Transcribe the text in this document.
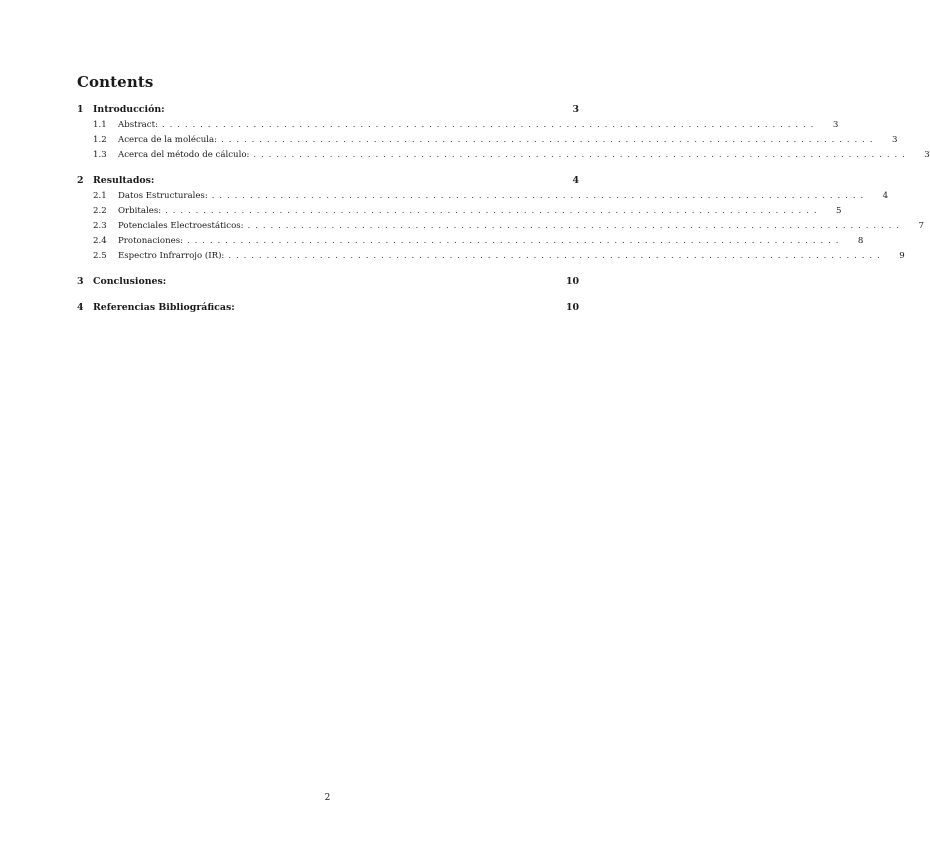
Contents
1	Introducción:	3
1.1	Abstract: ......................................................................................	3
1.2	Acerca de la molécula: ......................................................................................	3
1.3	Acerca del método de cálculo: ......................................................................................	3
2	Resultados:	4
2.1	Datos Estructurales: ......................................................................................	4
2.2	Orbitales: ......................................................................................	5
2.3	Potenciales Electroestáticos: ......................................................................................	7
2.4	Protonaciones: ......................................................................................	8
2.5	Espectro Infrarrojo (IR): ......................................................................................	9
3	Conclusiones:	10
4	Referencias Bibliográficas:	10
2
